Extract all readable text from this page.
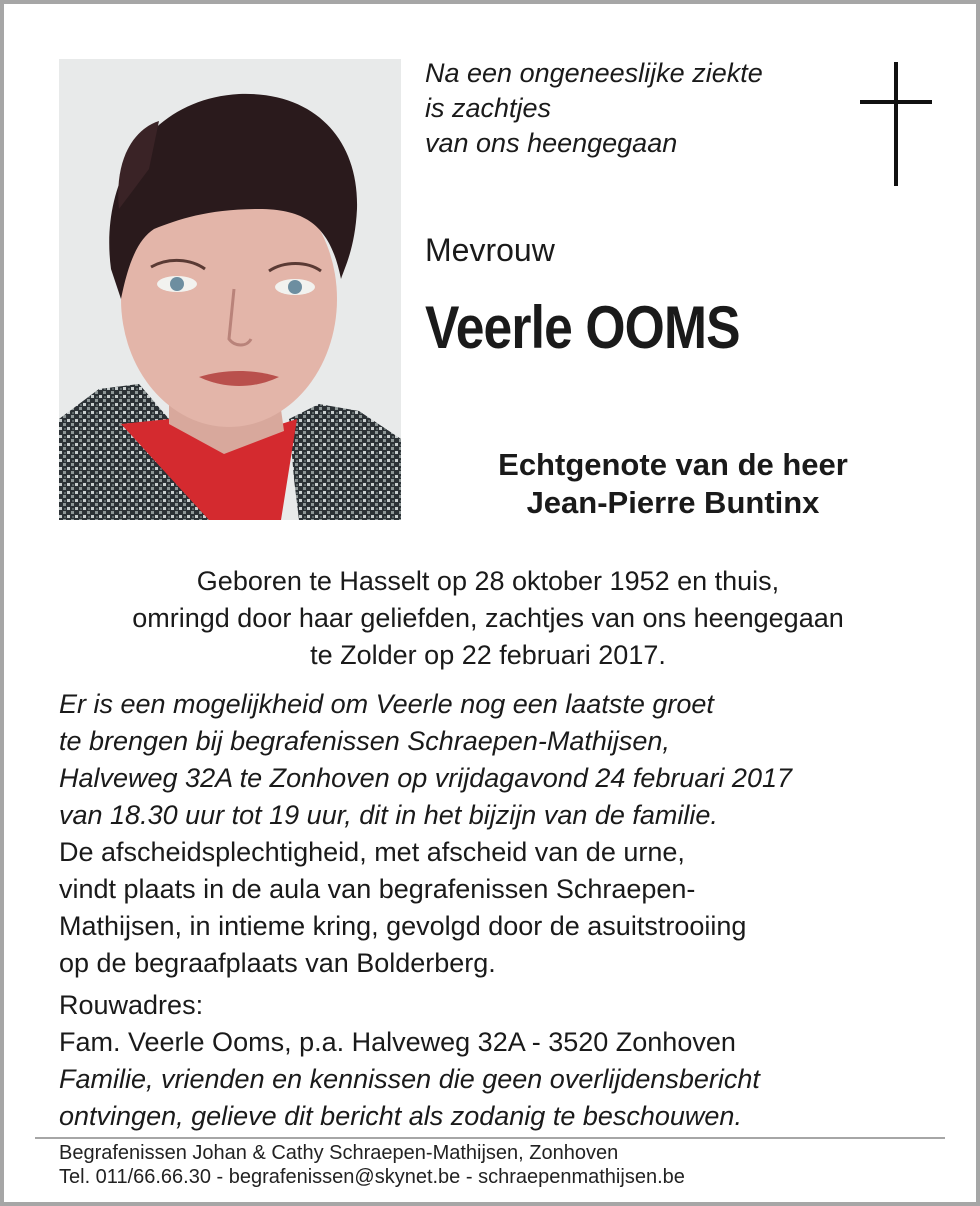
Na een ongeneeslijke ziekte
is zachtjes
van ons heengegaan
Mevrouw
Veerle OOMS
Echtgenote van de heer
Jean-Pierre Buntinx
Geboren te Hasselt op 28 oktober 1952 en thuis,
omringd door haar geliefden, zachtjes van ons heengegaan
te Zolder op 22 februari 2017.
Er is een mogelijkheid om Veerle nog een laatste groet
te brengen bij begrafenissen Schraepen-Mathijsen,
Halveweg 32A te Zonhoven op vrijdagavond 24 februari 2017
van 18.30 uur tot 19 uur, dit in het bijzijn van de familie.
De afscheidsplechtigheid, met afscheid van de urne,
vindt plaats in de aula van begrafenissen Schraepen-
Mathijsen, in intieme kring, gevolgd door de asuitstrooiing
op de begraafplaats van Bolderberg.
Rouwadres:
Fam. Veerle Ooms, p.a. Halveweg 32A - 3520 Zonhoven
Familie, vrienden en kennissen die geen overlijdensbericht
ontvingen, gelieve dit bericht als zodanig te beschouwen.
Begrafenissen Johan & Cathy Schraepen-Mathijsen, Zonhoven
Tel. 011/66.66.30 - begrafenissen@skynet.be - schraepenmathijsen.be
